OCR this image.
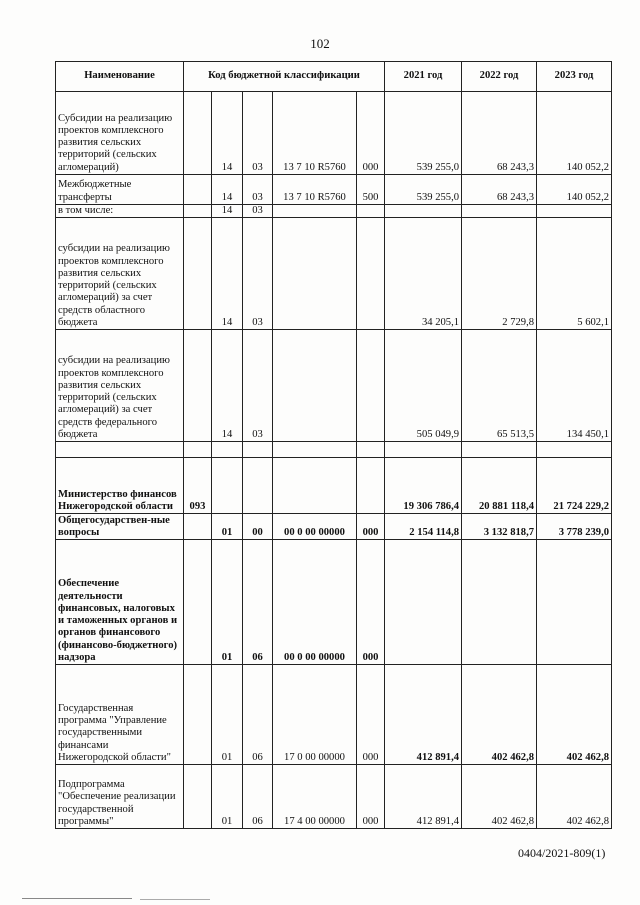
102
Наименование	Код бюджетной классификации					2021 год	2022 год	2023 год
Субсидии на реализацию проектов комплексного развития сельских территорий (сельских агломераций)		14	03	13 7 10 R5760	000	539 255,0	68 243,3	140 052,2
Межбюджетные трансферты		14	03	13 7 10 R5760	500	539 255,0	68 243,3	140 052,2
в том числе:		14	03					
субсидии на реализацию проектов комплексного развития сельских территорий (сельских агломераций) за счет средств областного бюджета		14	03			34 205,1	2 729,8	5 602,1
субсидии на реализацию проектов комплексного развития сельских территорий (сельских агломераций) за счет средств федерального бюджета		14	03			505 049,9	65 513,5	134 450,1

Министерство финансов Нижегородской области	093					19 306 786,4	20 881 118,4	21 724 229,2
Общегосударствен-ные вопросы		01	00	00 0 00 00000	000	2 154 114,8	3 132 818,7	3 778 239,0
Обеспечение деятельности финансовых, налоговых и таможенных органов и органов финансового (финансово-бюджетного) надзора		01	06	00 0 00 00000	000			
Государственная программа "Управление государственными финансами Нижегородской области"		01	06	17 0 00 00000	000	412 891,4	402 462,8	402 462,8
Подпрограмма "Обеспечение реализации государственной программы"		01	06	17 4 00 00000	000	412 891,4	402 462,8	402 462,8
0404/2021-809(1)
